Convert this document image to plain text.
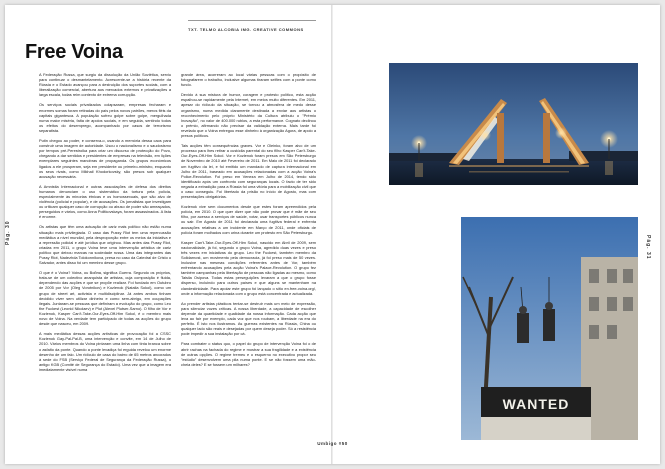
Pág. 30
Free Voina
TXT. TELMO ALCOBIA IMG. CREATIVE COMMONS

A Federação Russa, que surgiu da dissolução da União Soviética, serviu para continuar o desmantelamento. Acrescente-se a história recente da Rússia e o Estado avançou para a destruição dos suportes sociais, com a liberalização comercial, abertura aos mercados externos e privatizações a larga escala, todas reim contexto de extrema corrupção.

Os serviços sociais privatizados colapsaram, empresas fecharam e enormes somas foram retiradas do país pelos novos patrões, meros fiéis da capitais gigantesca. A população sofreu golpe sobre golpe, mergulhada numa maior miséria, falta de apoios sociais, e em seguida, sentindo todos os efeitos do desemprego, acompanhado por casos de terrorismo separatista.

Putin chegou ao poder, e conserva-o, usando a memória dessa caos para construir uma imagem de autoridade. Usou o nacionalismo e o saudosismo por tempos pré-Perestroika para criar um discurso de protecção do Povo, chegando a dar sentidos e presidentes de empresas na televisão, em lições exemplares seguintes manobras de propaganda. Os grupos económicos ligados a ele prosperam, seja em presidente ou primeiro-ministro, enquanto os seus rivais, como Mikhail Khodorkovsky, são presos sob qualquer acusação necessária.

A Amnistia Internacional e outras associações de defesa dos direitos humanos denunciam o uso sistemático da tortura pela polícia, especialmente às minorias étnicas e os homossexuais, que são alvo de violência (polícial e popular), e de acusações. Os jornalistas que investigam ou criticam qualquer caso de corrupção ou abuso de poder são ameaçados, perseguidos e vários, como Anna Politkovskaya, foram assassinados. A lista é enorme.

Os artistas que têm uma actuação de cariz mais político não estão numa situação mais privilegiada. O caso das Pussy Riot tem uma repercussão mediática a nível mundial, pela desproporção entre os meios da iniciativa e a repressão policial e até jurídica que originou. Mas antes das Pussy Riot, criadas em 2011, o grupo Voina teve uma intervenção artística de cariz político que deixou marcas na sociedade russa. Uma das integrantes das Pussy Riot, Nadezhda Tolokonnikova, presa no caso da Catedral de Cristo o Salvador, antes disso foi um membro desse grupo.

O que é o Voina? Voina, ou Война, significa Guerra. Segundo os próprios, trata-se de um colectivo anarquista de artistas, cuja composição é fluida, dependendo das acções e que se propõe realizar. Foi fundado em Outubro de 2005 por Vor (Oleg Vorotnikov) e Kozlenok (Natalia Sokol), como um grupo de street art, activista e multidisciplinar. Já antes ambos tinham decidido viver sem utilizar dinheiro e como sem-abrigo, em ocupações ilegais. Juntaram-se pessoas que definiram a evolução do grupo, como Leo the Fuckest (Leonid Nikolaev) e Plut (Alexei Plutser-Sarno). O filho de Vor e Kozlenok, Kasper Can't-Take-Our-Eyes-Off-Him Sokol, é o membro mais novo de Voina. Na verdade tem participado de todas as acções do grupo desde que nasceu, em 2009.

A mais mediática dessas acções artísticas de provocação foi a CSSC Kozlenok Gay-Pal-Pal-B, uma intervenção e convite, em 14 de Julho de 2010. Vários membros do Voina pintaram uma linha com tinta branca sobre o asfalto da ponte. Quando a ponte levadiça foi erguida revelou um enorme desenho de um falo. Um ridículo de casa do bairro de 65 metros ancorados à sede do FSB (Serviço Federal de Segurança da Federação Russa), o antigo KGB (Comité de Segurança do Estado). Uma vez que a imagem era imediatamente visível numa

grande área, acorreram ao local várias pessoas com o propósito de fotografarem o trabalho, inclusive algumas tiraram selfies com a ponte como fundo.

Devido à sua mistura de humor, coragem e protesto político, esta acção espalhou-se rapidamente pela Internet, em meios muito diferentes. Em 2011, apesar do ridículo da situação, se tornou a atmosfera de medo desse organismo, numa medida claramente destinada a enviar aos artistas o reconhecimento pelo próprio Ministério da Cultura atribuiu o "Prémio Inovação", no valor de 400.000 rublos, a esta performance. Cognato declinou o prémio, afirmando não precisar da validação externa. Mais tarde foi revelado que o Voina entregou esse dinheiro à organização Agora, de apoio a presos políticos.

Tais acções têm consequências graves. Vor e Oleinko, foram alvo de um processo para lhes retirar a custódia parental do seu filho Kasper Can't-Take-Our-Eyes-Off-Him Sokol. Vor e Kozlenok foram presos em São Petersburgo de Novembro de 2010 até Fevereiro de 2011. Em Maio de 2011 foi declarado um fugitivo da lei, e foi emitido um mandado de captura internacional em Julho de 2011, baseado em acusações relacionadas com a acção Voina's Police-Revolution. Foi preso em Veneza em Julho de 2014, tendo sido identificado após um confronto com seguranças locais. O facto de ter sido negada a extradição para a Rússia foi uma vitória para a mobilização civil que o caso conseguiu. Foi libertado da prisão no início de Agosto, mas com presentações obrigatórias.

Kozlenok vive sem documentos desde que estes foram apreendidos pela polícia, em 2010. O que quer dizer que não pode provar que é mãe de seu filho, por acesso a serviços de saúde, votar, usar transportes públicos nunca ou sair. Em Agosto de 2011 foi declarada uma fugitiva federal e enfrenta acusações relativas a um incidente em Março de 2011, onde oficiais de polícia foram molhados com urina durante um protesto em São Petersburgo.

Kasper Can't-Take-Our-Eyes-Off-Him Sokol, nascido em Abril de 2009, sem nacionalidade, já foi, segundo o grupo Voina, agredido duas vezes e preso três vezes em iniciativas do grupo. Leo the Fuckest, também membro da Solidarnost, um movimento pela democracia, já foi preso mais de 50 vezes. Inclusive nas mesmas condições referentes antes de Vor, também enfrentando acusações pela acção Voina's Palace-Revolution. O grupo fez também campanhas pela libertação de pessoas não ligadas ao mesmo, como Taisiia Osipova. Todas estas perseguições levaram a que o grupo fosse disperso, incluindo para outros países e que alguns se mantenham na clandestinidade. Para apoiar este grupo foi lançado o sítio en.free-voina.org/, onde a informação relacionada com o grupo está concentrada e actualizada.

Ao prender artistas plásticos tentar-se destruir mais um meio de expressão, para silenciar vozes críticas. A nossa liberdade, a capacidade de escolher depende da quantidade e qualidade da nossa informação. Cada acção que leva ao fair por exemplo, cada voz que nos roubam, a liberdade na era do perfeito. É isto nos ilustramos. As guerras existentes na Rússia, China ou qualquer lado são reais e desejadas por quem deseja poder. Só a resistência pode impedir a sua instalação por cá.

Para combater o status quo, o papel do grupo de intervenção Voina foi o de abrir rachas na fachada do regime e mostrar a sua fragilidade e a existência de outras opções. O regime tremeu e o esquerno no executivo propor seu "estúdio" desenvolvem uma pila numa ponte. E se não fossem uma mão-cheia deles? E se fossem um milhares?

Pág. 31
WANTED
Umbigo #50
